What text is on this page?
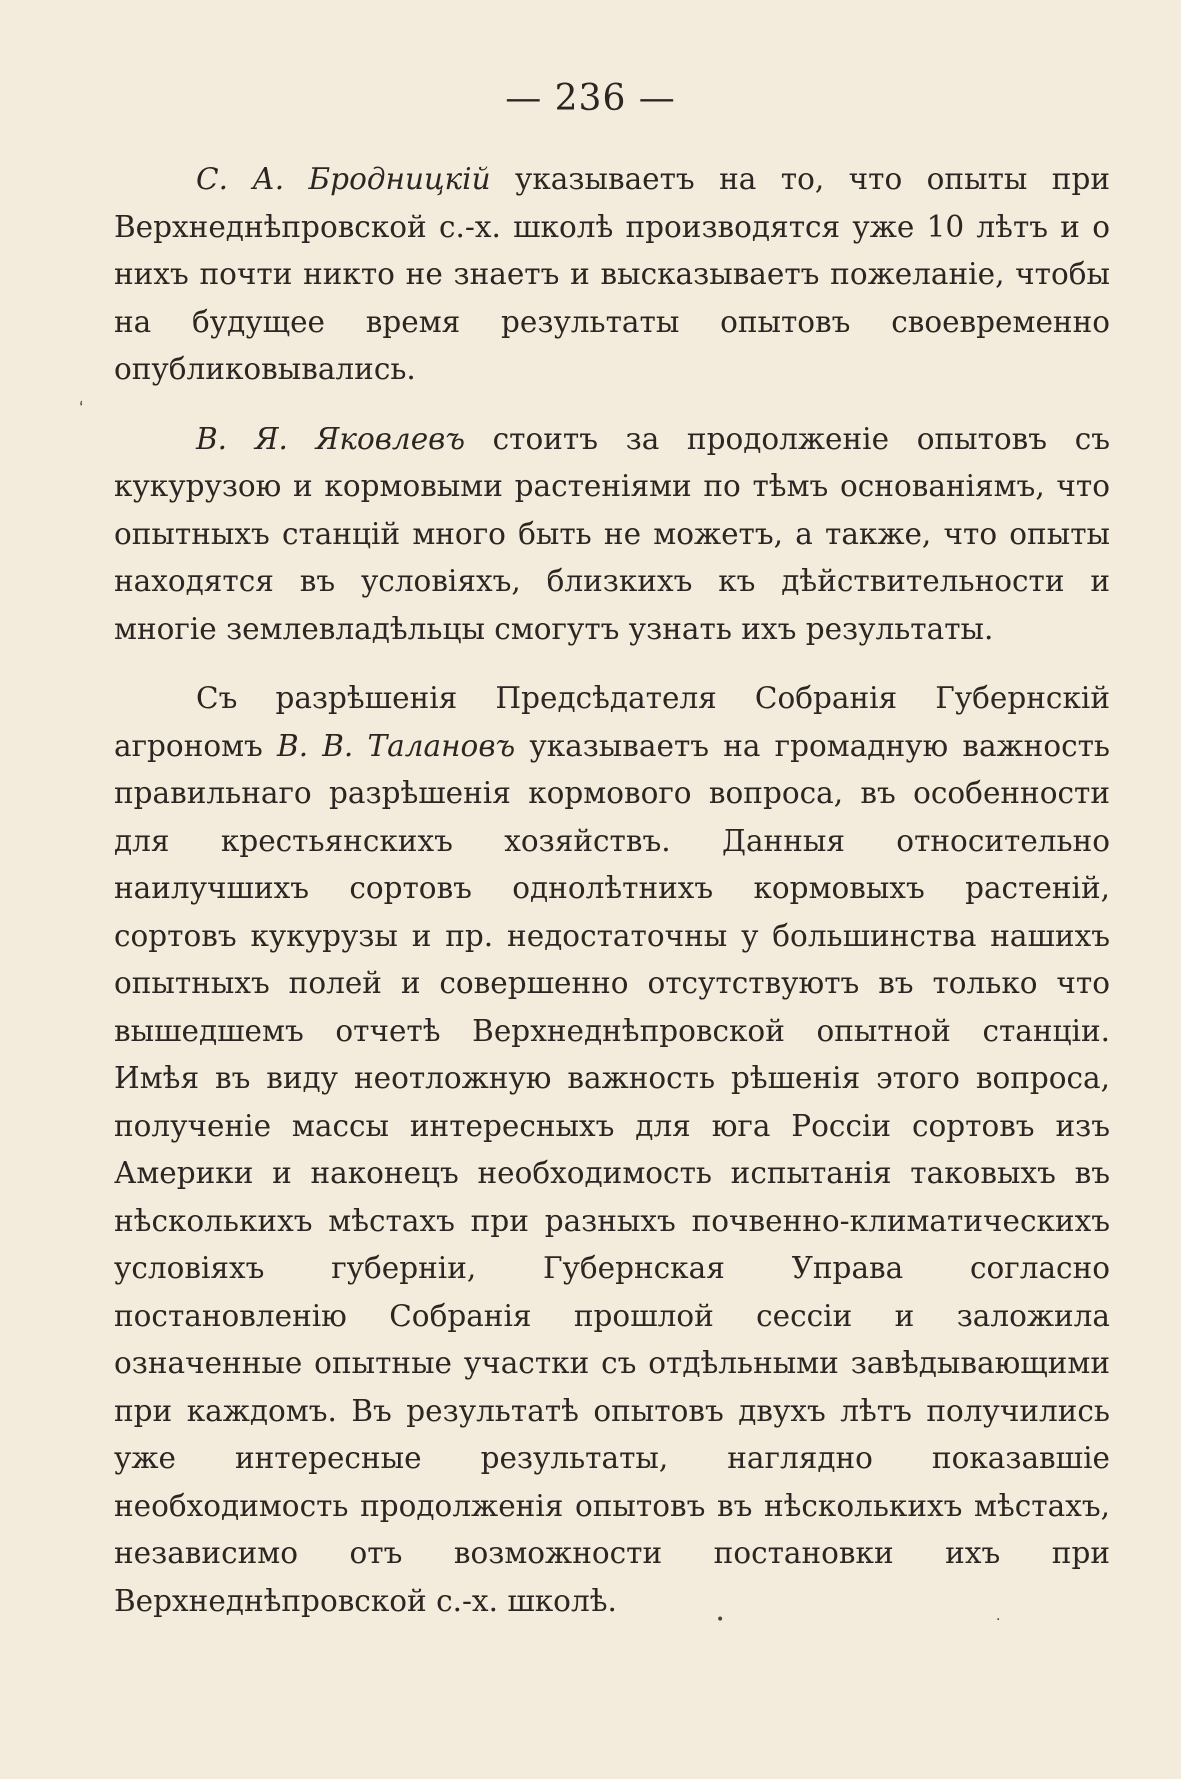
— 236 —
ʻ

С. А. Бродницкій указываетъ на то, что опыты при Верхнеднѣпровской с.-х. школѣ производятся уже 10 лѣтъ и о нихъ почти никто не знаетъ и высказываетъ пожеланіе, чтобы на будущее время результаты опытовъ своевременно опубликовывались.

В. Я. Яковлевъ стоитъ за продолженіе опытовъ съ кукурузою и кормовыми растеніями по тѣмъ основаніямъ, что опытныхъ станцій много быть не можетъ, а также, что опыты находятся въ условіяхъ, близкихъ къ дѣйствительности и многіе землевладѣльцы смогутъ узнать ихъ результаты.

Съ разрѣшенія Предсѣдателя Собранія Губернскій агрономъ В. В. Талановъ указываетъ на громадную важность правильнаго разрѣшенія кормового вопроса, въ особенности для крестьянскихъ хозяйствъ. Данныя относительно наилучшихъ сортовъ однолѣтнихъ кормовыхъ растеній, сортовъ кукурузы и пр. недостаточны у большинства нашихъ опытныхъ полей и совершенно отсутствуютъ въ только что вышедшемъ отчетѣ Верхнеднѣпровской опытной станціи. Имѣя въ виду неотложную важность рѣшенія этого вопроса, полученіе массы интересныхъ для юга Россіи сортовъ изъ Америки и наконецъ необходимость испытанія таковыхъ въ нѣсколькихъ мѣстахъ при разныхъ почвенно-климатическихъ условіяхъ губерніи, Губернская Управа согласно постановленію Собранія прошлой сессіи и заложила означенные опытные участки съ отдѣльными завѣдывающими при каждомъ. Въ результатѣ опытовъ двухъ лѣтъ получились уже интересные результаты, наглядно показавшіе необходимость продолженія опытовъ въ нѣсколькихъ мѣстахъ, независимо отъ возможности постановки ихъ при Верхнеднѣпровской с.-х. школѣ.

•	·
